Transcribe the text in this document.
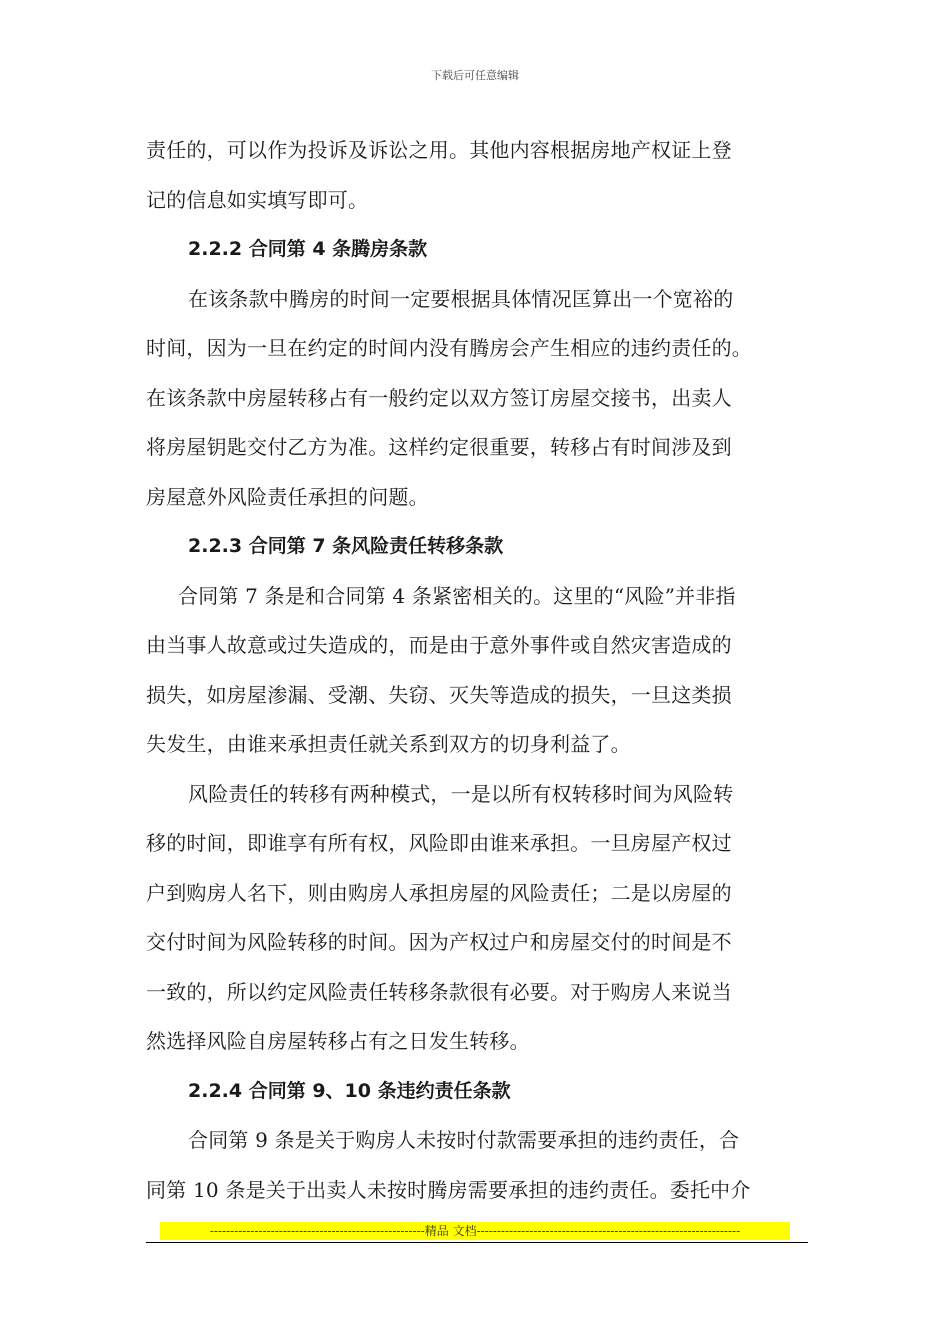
下载后可任意编辑

责任的，可以作为投诉及诉讼之用。其他内容根据房地产权证上登

记的信息如实填写即可。

2.2.2 合同第 4 条腾房条款

在该条款中腾房的时间一定要根据具体情况匡算出一个宽裕的

时间，因为一旦在约定的时间内没有腾房会产生相应的违约责任的。

在该条款中房屋转移占有一般约定以双方签订房屋交接书，出卖人

将房屋钥匙交付乙方为准。这样约定很重要，转移占有时间涉及到

房屋意外风险责任承担的问题。

2.2.3 合同第 7 条风险责任转移条款

合同第 7 条是和合同第 4 条紧密相关的。这里的“风险”并非指

由当事人故意或过失造成的，而是由于意外事件或自然灾害造成的

损失，如房屋渗漏、受潮、失窃、灭失等造成的损失，一旦这类损

失发生，由谁来承担责任就关系到双方的切身利益了。

风险责任的转移有两种模式，一是以所有权转移时间为风险转

移的时间，即谁享有所有权，风险即由谁来承担。一旦房屋产权过

户到购房人名下，则由购房人承担房屋的风险责任；二是以房屋的

交付时间为风险转移的时间。因为产权过户和房屋交付的时间是不

一致的，所以约定风险责任转移条款很有必要。对于购房人来说当

然选择风险自房屋转移占有之日发生转移。

2.2.4 合同第 9、10 条违约责任条款

合同第 9 条是关于购房人未按时付款需要承担的违约责任，合

同第 10 条是关于出卖人未按时腾房需要承担的违约责任。委托中介

-----------------------------------------------------精品 文档-----------------------------------------------------------------
